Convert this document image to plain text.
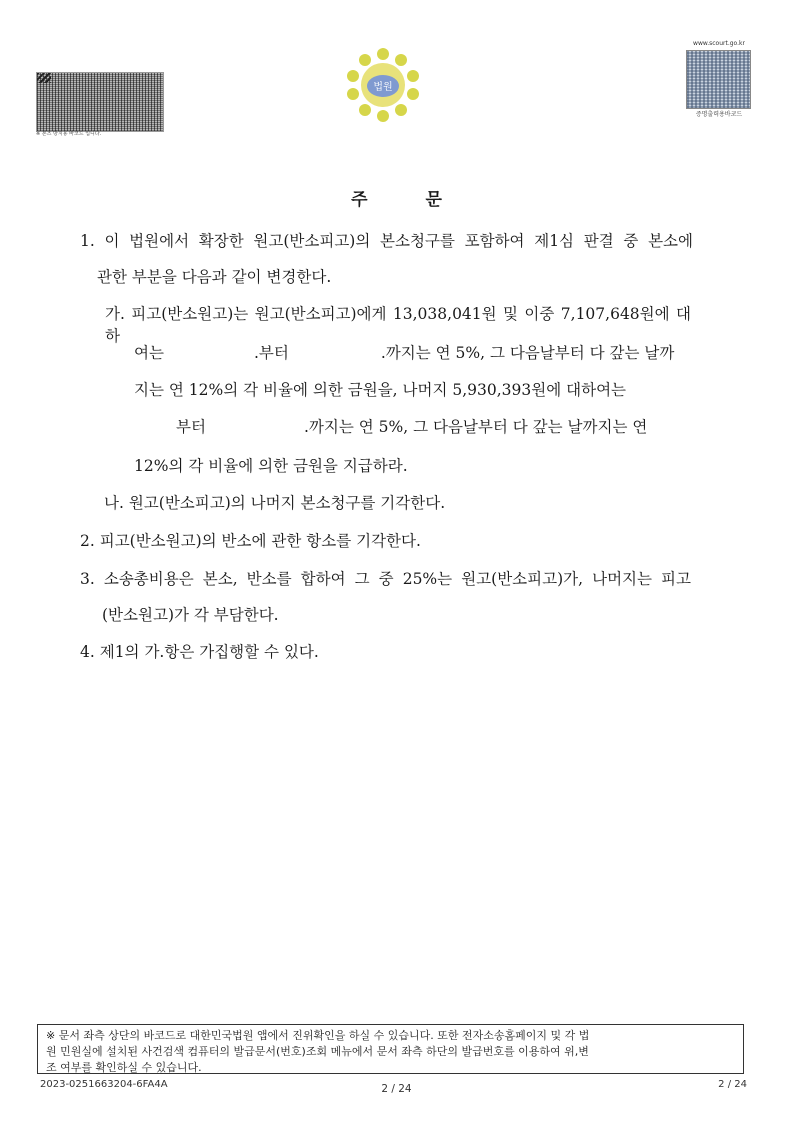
※ 본즈 방지용 바코드 입니다.
법원
www.scourt.go.kr
증명출력용바코드
주	문
1. 이 법원에서 확장한 원고(반소피고)의 본소청구를 포함하여 제1심 판결 중 본소에
관한 부분을 다음과 같이 변경한다.
가. 피고(반소원고)는 원고(반소피고)에게 13,038,041원 및 이중 7,107,648원에 대하
여는	.부터	.까지는 연 5%, 그 다음날부터 다 갚는 날까
지는 연 12%의 각 비율에 의한 금원을, 나머지 5,930,393원에 대하여는
부터	.까지는 연 5%, 그 다음날부터 다 갚는 날까지는 연
12%의 각 비율에 의한 금원을 지급하라.
나. 원고(반소피고)의 나머지 본소청구를 기각한다.
2. 피고(반소원고)의 반소에 관한 항소를 기각한다.
3. 소송총비용은 본소, 반소를 합하여 그 중 25%는 원고(반소피고)가, 나머지는 피고
(반소원고)가 각 부담한다.
4. 제1의 가.항은 가집행할 수 있다.
※ 문서 좌측 상단의 바코드로 대한민국법원 앱에서 진위확인을 하실 수 있습니다. 또한 전자소송홈페이지 및 각 법
원 민원실에 설치된 사건검색 컴퓨터의 발급문서(번호)조회 메뉴에서 문서 좌측 하단의 발급번호를 이용하여 위,변
조 여부를 확인하실 수 있습니다.
2023-0251663204-6FA4A	2 / 24	2 / 24
